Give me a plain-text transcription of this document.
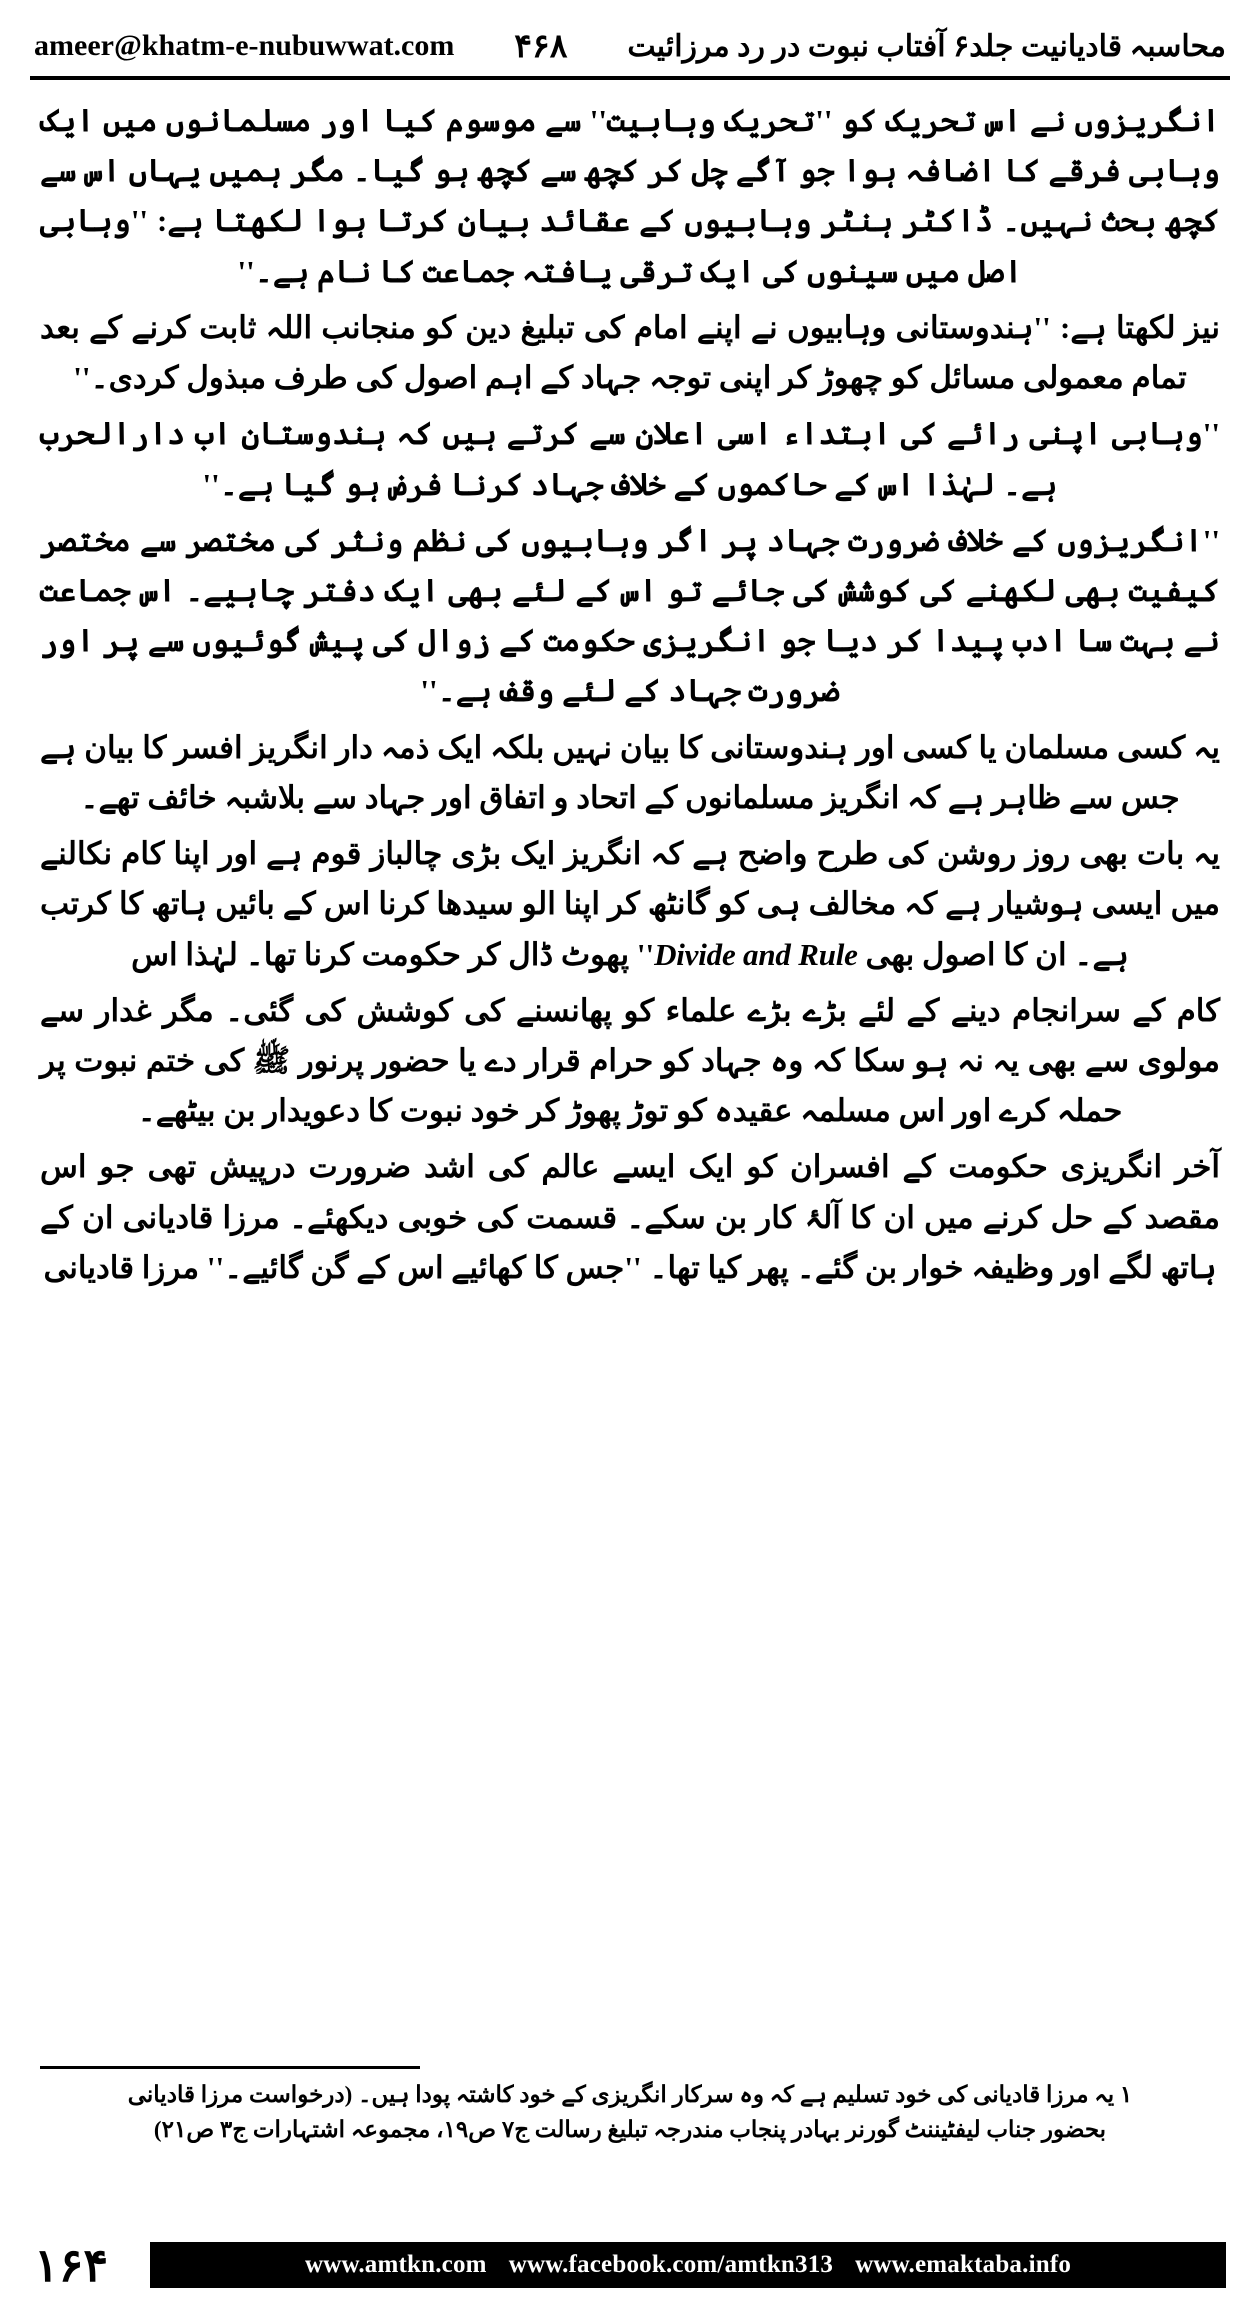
محاسبہ قادیانیت جلد۶ آفتاب نبوت در رد مرزائیت
۴۶۸
ameer@khatm-e-nubuwwat.com

انگریزوں نے اس تحریک کو ''تحریک وہابیت'' سے موسوم کیا اور مسلمانوں میں ایک وہابی فرقے کا اضافہ ہوا جو آگے چل کر کچھ سے کچھ ہو گیا۔ مگر ہمیں یہاں اس سے کچھ بحث نہیں۔ ڈاکٹر ہنٹر وہابیوں کے عقائد بیان کرتا ہوا لکھتا ہے: ''وہابی اصل میں سینوں کی ایک ترقی یافتہ جماعت کا نام ہے۔''

نیز لکھتا ہے: ''ہندوستانی وہابیوں نے اپنے امام کی تبلیغ دین کو منجانب اللہ ثابت کرنے کے بعد تمام معمولی مسائل کو چھوڑ کر اپنی توجہ جہاد کے اہم اصول کی طرف مبذول کردی۔''

''وہابی اپنی رائے کی ابتداء اسی اعلان سے کرتے ہیں کہ ہندوستان اب دارالحرب ہے۔ لہٰذا اس کے حاکموں کے خلاف جہاد کرنا فرض ہو گیا ہے۔''

''انگریزوں کے خلاف ضرورت جہاد پر اگر وہابیوں کی نظم ونثر کی مختصر سے مختصر کیفیت بھی لکھنے کی کوشش کی جائے تو اس کے لئے بھی ایک دفتر چاہیے۔ اس جماعت نے بہت سا ادب پیدا کر دیا جو انگریزی حکومت کے زوال کی پیش گوئیوں سے پر اور ضرورت جہاد کے لئے وقف ہے۔''

یہ کسی مسلمان یا کسی اور ہندوستانی کا بیان نہیں بلکہ ایک ذمہ دار انگریز افسر کا بیان ہے جس سے ظاہر ہے کہ انگریز مسلمانوں کے اتحاد و اتفاق اور جہاد سے بلاشبہ خائف تھے۔

یہ بات بھی روز روشن کی طرح واضح ہے کہ انگریز ایک بڑی چالباز قوم ہے اور اپنا کام نکالنے میں ایسی ہوشیار ہے کہ مخالف ہی کو گانٹھ کر اپنا الو سیدھا کرنا اس کے بائیں ہاتھ کا کرتب ہے۔ ان کا اصول بھی Divide and Rule'' پھوٹ ڈال کر حکومت کرنا تھا۔ لہٰذا اس

کام کے سرانجام دینے کے لئے بڑے بڑے علماء کو پھانسنے کی کوشش کی گئی۔ مگر غدار سے مولوی سے بھی یہ نہ ہو سکا کہ وہ جہاد کو حرام قرار دے یا حضور پرنور ﷺ کی ختم نبوت پر حملہ کرے اور اس مسلمہ عقیدہ کو توڑ پھوڑ کر خود نبوت کا دعویدار بن بیٹھے۔

آخر انگریزی حکومت کے افسران کو ایک ایسے عالم کی اشد ضرورت درپیش تھی جو اس مقصد کے حل کرنے میں ان کا آلۂ کار بن سکے۔ قسمت کی خوبی دیکھئے۔ مرزا قادیانی ان کے ہاتھ لگے اور وظیفہ خوار بن گئے۔ پھر کیا تھا۔ ''جس کا کھائیے اس کے گن گائیے۔'' مرزا قادیانی

۱ یہ مرزا قادیانی کی خود تسلیم ہے کہ وہ سرکار انگریزی کے خود کاشتہ پودا ہیں۔ (درخواست مرزا قادیانی

بحضور جناب لیفٹیننٹ گورنر بہادر پنجاب مندرجہ تبلیغ رسالت ج۷ ص۱۹، مجموعہ اشتہارات ج۳ ص۲۱)

۱۶۴	www.amtkn.com www.facebook.com/amtkn313 www.emaktaba.info
